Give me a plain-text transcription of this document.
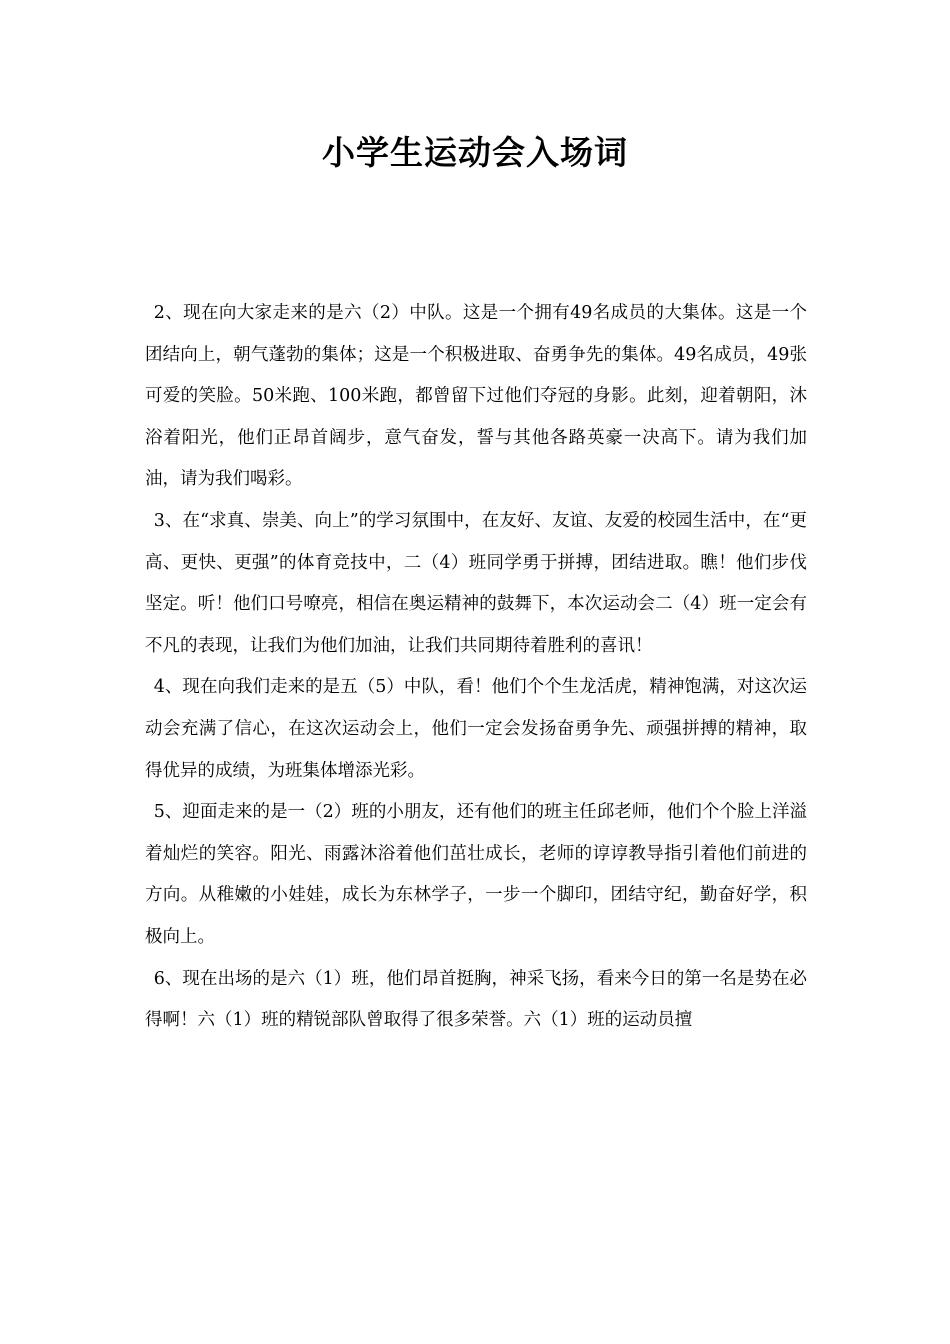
小学生运动会入场词

2、现在向大家走来的是六（2）中队。这是一个拥有49名成员的大集体。这是一个团结向上，朝气蓬勃的集体；这是一个积极进取、奋勇争先的集体。49名成员，49张可爱的笑脸。50米跑、100米跑，都曾留下过他们夺冠的身影。此刻，迎着朝阳，沐浴着阳光，他们正昂首阔步，意气奋发，誓与其他各路英豪一决高下。请为我们加油，请为我们喝彩。

3、在“求真、崇美、向上”的学习氛围中，在友好、友谊、友爱的校园生活中，在“更高、更快、更强”的体育竞技中，二（4）班同学勇于拼搏，团结进取。瞧！他们步伐坚定。听！他们口号嘹亮，相信在奥运精神的鼓舞下，本次运动会二（4）班一定会有不凡的表现，让我们为他们加油，让我们共同期待着胜利的喜讯！

4、现在向我们走来的是五（5）中队，看！他们个个生龙活虎，精神饱满，对这次运动会充满了信心，在这次运动会上，他们一定会发扬奋勇争先、顽强拼搏的精神，取得优异的成绩，为班集体增添光彩。

5、迎面走来的是一（2）班的小朋友，还有他们的班主任邱老师，他们个个脸上洋溢着灿烂的笑容。阳光、雨露沐浴着他们茁壮成长，老师的谆谆教导指引着他们前进的方向。从稚嫩的小娃娃，成长为东林学子，一步一个脚印，团结守纪，勤奋好学，积极向上。

6、现在出场的是六（1）班，他们昂首挺胸，神采飞扬，看来今日的第一名是势在必得啊！六（1）班的精锐部队曾取得了很多荣誉。六（1）班的运动员擅
